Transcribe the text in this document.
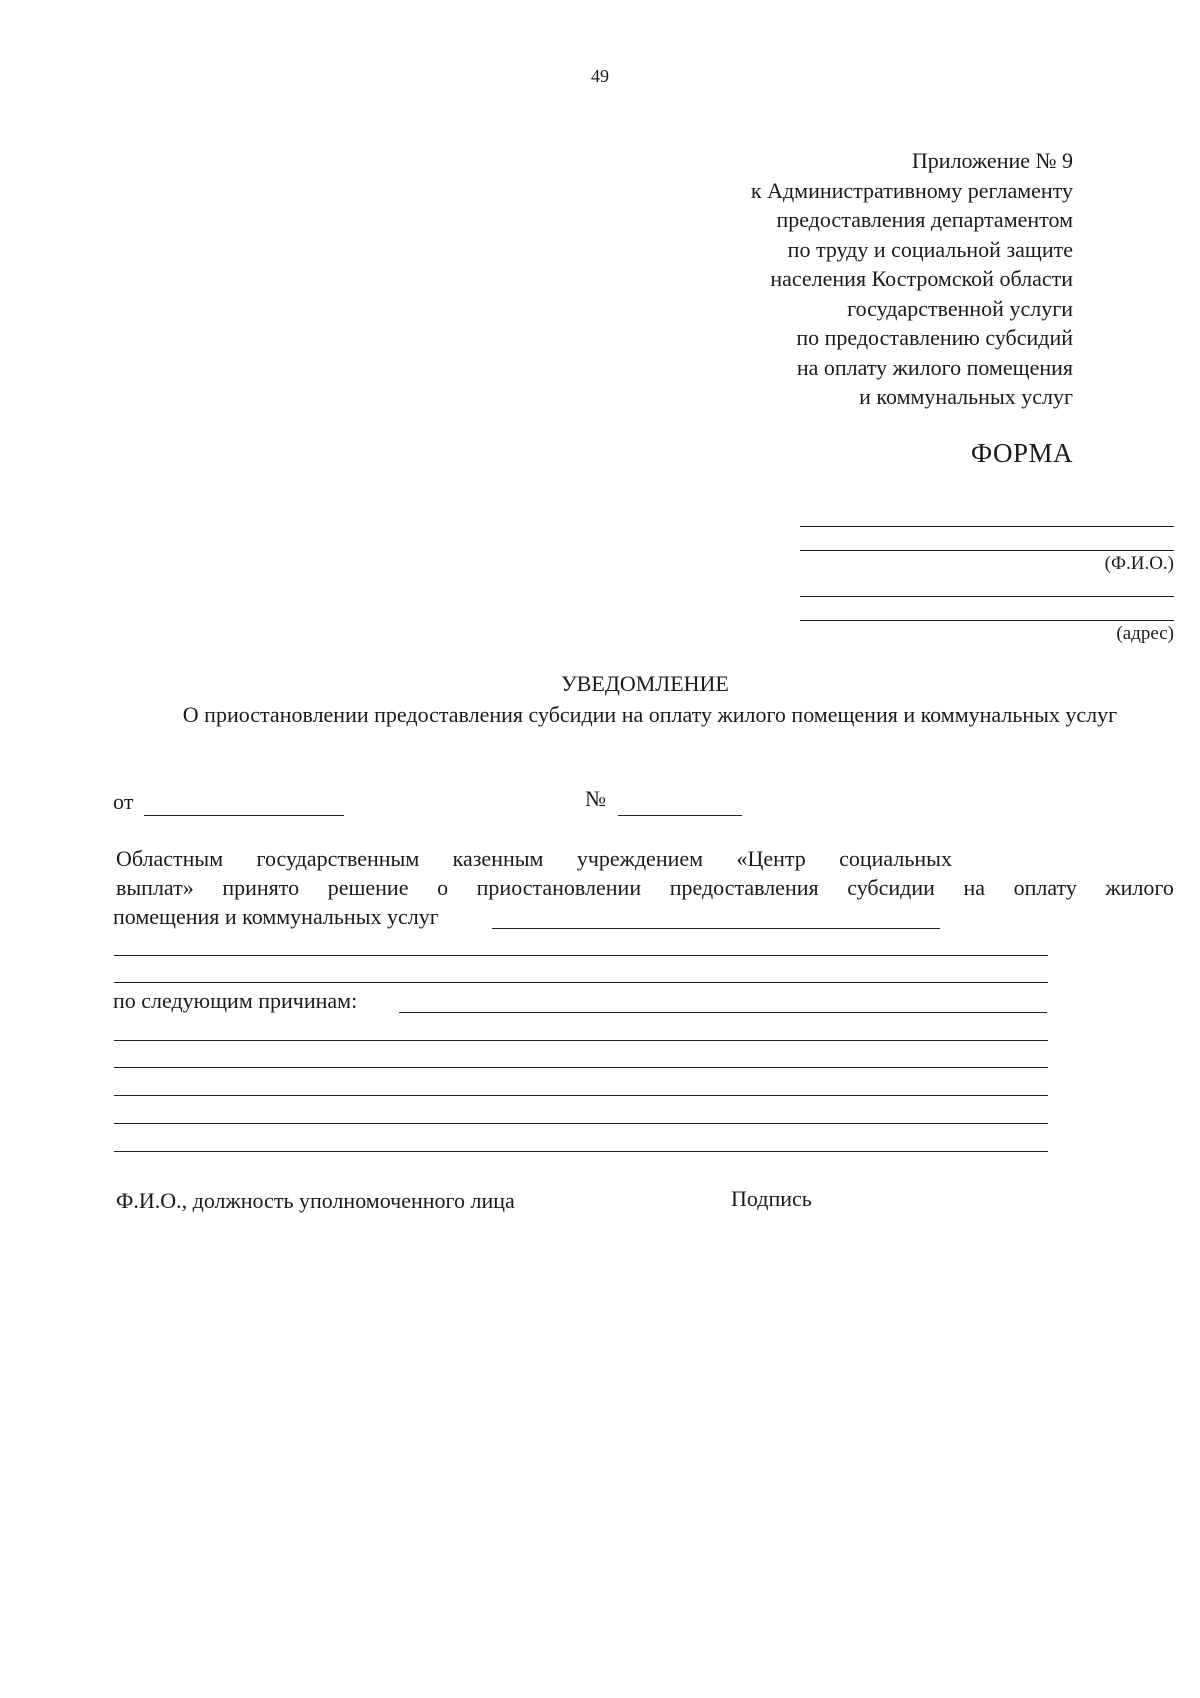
49
Приложение № 9
к Административному регламенту
предоставления департаментом
по труду и социальной защите
населения Костромской области
государственной услуги
по предоставлению субсидий
на оплату жилого помещения
и коммунальных услуг
ФОРМА
(Ф.И.О.)
(адрес)
УВЕДОМЛЕНИЕ
О приостановлении предоставления субсидии на оплату жилого помещения и коммунальных услуг
от	№
Областным государственным казенным учреждением «Центр социальных
выплат» принято решение о приостановлении предоставления субсидии на оплату жилого
помещения и коммунальных услуг
по следующим причинам:
Ф.И.О., должность уполномоченного лица	Подпись
